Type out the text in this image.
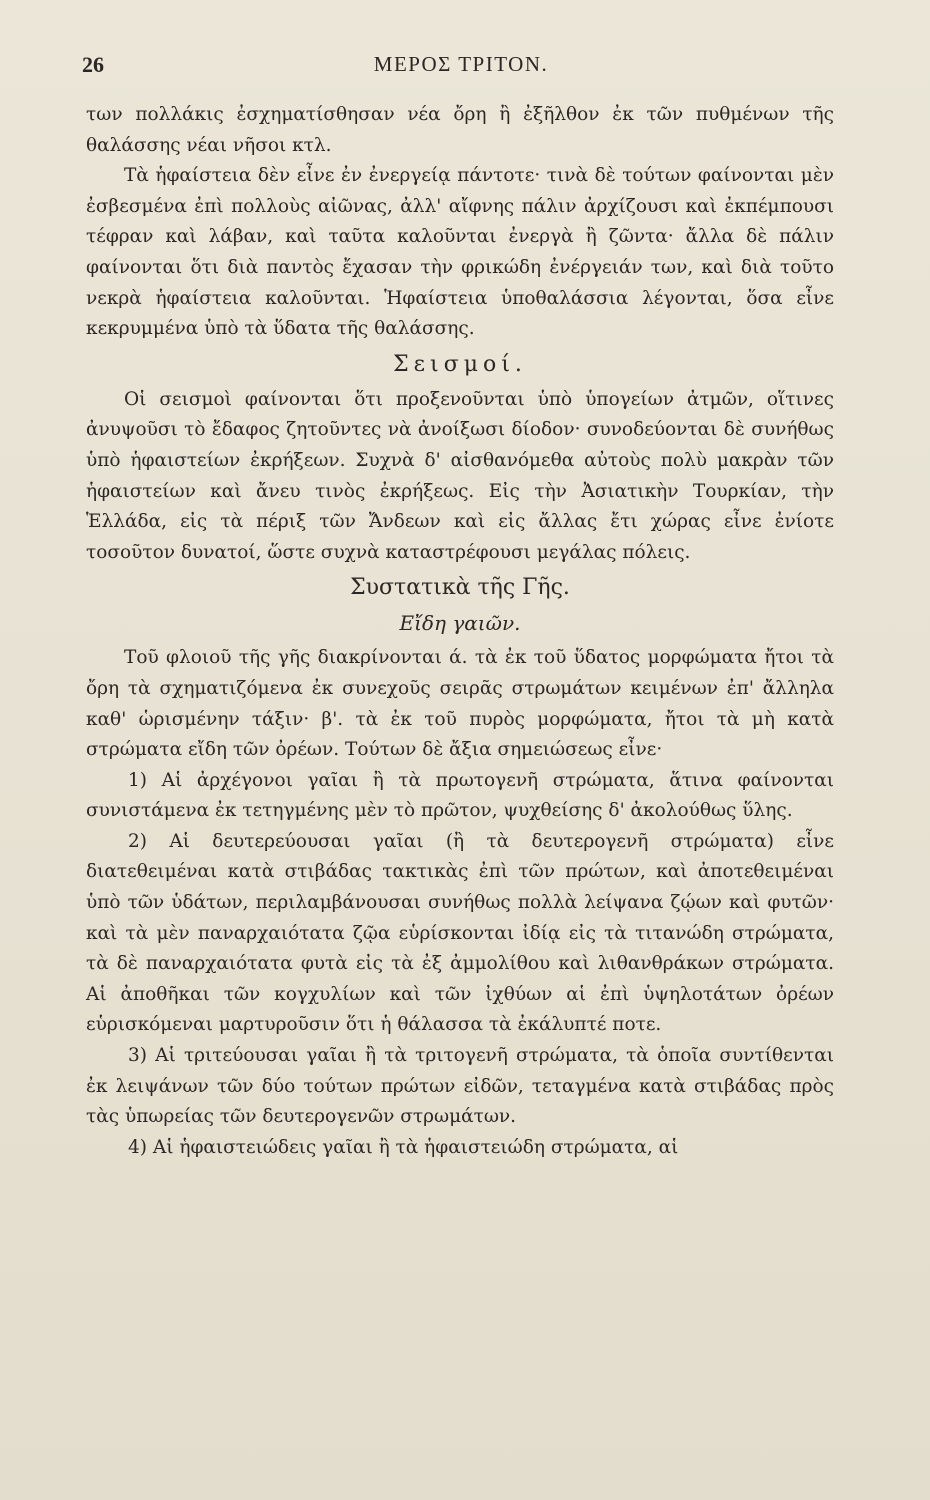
26	ΜΕΡΟΣ ΤΡΙΤΟΝ.

των πολλάκις ἐσχηματίσθησαν νέα ὄρη ἢ ἐξῆλθον ἐκ τῶν πυθμένων τῆς θαλάσσης νέαι νῆσοι κτλ.

Τὰ ἡφαίστεια δὲν εἶνε ἐν ἐνεργείᾳ πάντοτε· τινὰ δὲ τούτων φαίνονται μὲν ἐσβεσμένα ἐπὶ πολλοὺς αἰῶνας, ἀλλ' αἴφνης πάλιν ἀρχίζουσι καὶ ἐκπέμπουσι τέφραν καὶ λάβαν, καὶ ταῦτα καλοῦνται ἐνεργὰ ἢ ζῶντα· ἄλλα δὲ πάλιν φαίνονται ὅτι διὰ παντὸς ἔχασαν τὴν φρικώδη ἐνέργειάν των, καὶ διὰ τοῦτο νεκρὰ ἡφαίστεια καλοῦνται. Ἡφαίστεια ὑποθαλάσσια λέγονται, ὅσα εἶνε κεκρυμμένα ὑπὸ τὰ ὕδατα τῆς θαλάσσης.

Σεισμοί.

Οἱ σεισμοὶ φαίνονται ὅτι προξενοῦνται ὑπὸ ὑπογείων ἀτμῶν, οἵτινες ἀνυψοῦσι τὸ ἔδαφος ζητοῦντες νὰ ἀνοίξωσι δίοδον· συνοδεύονται δὲ συνήθως ὑπὸ ἡφαιστείων ἐκρήξεων. Συχνὰ δ' αἰσθανόμεθα αὐτοὺς πολὺ μακρὰν τῶν ἡφαιστείων καὶ ἄνευ τινὸς ἐκρήξεως. Εἰς τὴν Ἀσιατικὴν Τουρκίαν, τὴν Ἑλλάδα, εἰς τὰ πέριξ τῶν Ἄνδεων καὶ εἰς ἄλλας ἔτι χώρας εἶνε ἐνίοτε τοσοῦτον δυνατοί, ὥστε συχνὰ καταστρέφουσι μεγάλας πόλεις.

Συστατικὰ τῆς Γῆς.
Εἴδη γαιῶν.

Τοῦ φλοιοῦ τῆς γῆς διακρίνονται ά. τὰ ἐκ τοῦ ὕδατος μορφώματα ἤτοι τὰ ὄρη τὰ σχηματιζόμενα ἐκ συνεχοῦς σειρᾶς στρωμάτων κειμένων ἐπ' ἄλληλα καθ' ὡρισμένην τάξιν· β'. τὰ ἐκ τοῦ πυρὸς μορφώματα, ἤτοι τὰ μὴ κατὰ στρώματα εἴδη τῶν ὀρέων. Τούτων δὲ ἄξια σημειώσεως εἶνε·

1) Αἱ ἀρχέγονοι γαῖαι ἢ τὰ πρωτογενῆ στρώματα, ἅτινα φαίνονται συνιστάμενα ἐκ τετηγμένης μὲν τὸ πρῶτον, ψυχθείσης δ' ἀκολούθως ὕλης.

2) Αἱ δευτερεύουσαι γαῖαι (ἢ τὰ δευτερογενῆ στρώματα) εἶνε διατεθειμέναι κατὰ στιβάδας τακτικὰς ἐπὶ τῶν πρώτων, καὶ ἀποτεθειμέναι ὑπὸ τῶν ὑδάτων, περιλαμβάνουσαι συνήθως πολλὰ λείψανα ζῴων καὶ φυτῶν· καὶ τὰ μὲν παναρχαιότατα ζῷα εὑρίσκονται ἰδίᾳ εἰς τὰ τιτανώδη στρώματα, τὰ δὲ παναρχαιότατα φυτὰ εἰς τὰ ἐξ ἀμμολίθου καὶ λιθανθράκων στρώματα. Αἱ ἀποθῆκαι τῶν κογχυλίων καὶ τῶν ἰχθύων αἱ ἐπὶ ὑψηλοτάτων ὀρέων εὑρισκόμεναι μαρτυροῦσιν ὅτι ἡ θάλασσα τὰ ἐκάλυπτέ ποτε.

3) Αἱ τριτεύουσαι γαῖαι ἢ τὰ τριτογενῆ στρώματα, τὰ ὁποῖα συντίθενται ἐκ λειψάνων τῶν δύο τούτων πρώτων εἰδῶν, τεταγμένα κατὰ στιβάδας πρὸς τὰς ὑπωρείας τῶν δευτερογενῶν στρωμάτων.

4) Αἱ ἡφαιστειώδεις γαῖαι ἢ τὰ ἡφαιστειώδη στρώματα, αἱ
